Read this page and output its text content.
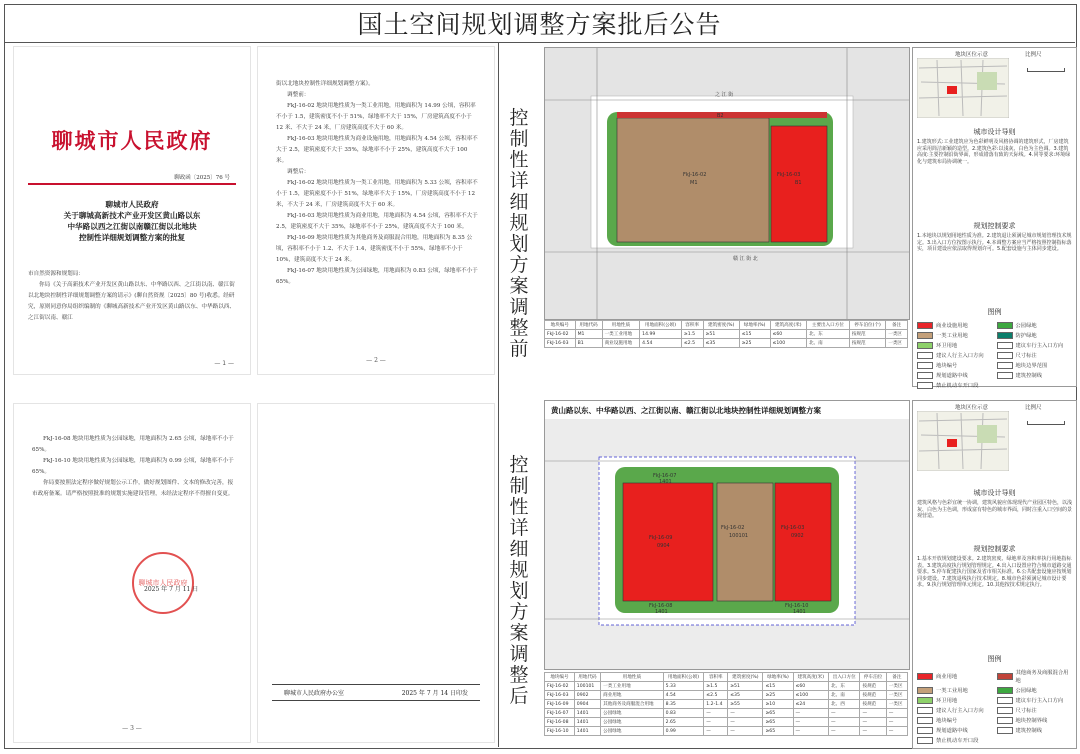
国土空间规划调整方案批后公告
聊城市人民政府
聊政函〔2025〕76 号
聊城市人民政府
关于聊城高新技术产业开发区黄山路以东
中华路以西之江街以南赣江街以北地块
控制性详细规划调整方案的批复
市自然资源和规划局：

你局《关于高新技术产业开发区黄山路以东、中华路以西、之江街以南、赣江街以北地块控制性详细规划调整方案的请示》(聊自然资规〔2025〕80 号)收悉。经研究，原则同意你局组织编制的《聊城高新技术产业开发区黄山路以东、中华路以西、之江街以南、赣江

— 1 —
街以北地块控制性详细规划调整方案》。

调整前：

FkJ-16-02 地块用地性质为一类工业用地，用地面积为 14.99 公顷，容积率不小于 1.5，建筑密度不小于 51%，绿地率不大于 15%，厂房建筑高度不小于 12 米、不大于 24 米，厂房建筑高度不大于 60 米。

FkJ-16-03 地块用地性质为商业设施用地，用地面积为 4.54 公顷，容积率不大于 2.5，建筑密度不大于 35%，绿地率不小于 25%，建筑高度不大于 100 米。

调整后：

FkJ-16-02 地块用地性质为一类工业用地，用地面积为 5.33 公顷，容积率不小于 1.5，建筑密度不小于 51%，绿地率不大于 15%，厂房建筑高度不小于 12 米，不大于 24 米，厂房建筑高度不大于 60 米。

FkJ-16-03 地块用地性质为商业用地，用地面积为 4.54 公顷，容积率不大于 2.5，建筑密度不大于 35%，绿地率不小于 25%，建筑高度不大于 100 米。

FkJ-16-09 地块用地性质为其他商务及商服混合用地，用地面积为 8.35 公顷，容积率不小于 1.2、不大于 1.4，建筑密度不小于 55%，绿地率不小于 10%，建筑高度不大于 24 米。

FkJ-16-07 地块用地性质为公园绿地，用地面积为 0.83 公顷，绿地率不小于 65%。

— 2 —

FkJ-16-08 地块用地性质为公园绿地，用地面积为 2.65 公顷，绿地率不小于 65%。

FkJ-16-10 地块用地性质为公园绿地，用地面积为 0.99 公顷，绿地率不小于 65%。

你局要按照法定程序做好规划公示工作，做好规划图件、文本的修改完善，报市政府备案。请严格按照批准的规划实施建设管理，未经法定程序不得擅自变更。

聊城市人民政府
2025 年 7 月 11 日
— 3 —
聊城市人民政府办公室	2025 年 7 月 14 日印发
控制性详细规划方案调整前
之 江 街
赣 江 街 北
FkJ-16-02
M1
FkJ-16-03
B1
B2
地块区位示意	比例尺
城市设计导则

1.建筑形式:工业建筑应为色彩鲜明及风格协调的建筑形式，厂房建筑应采用简洁新颖的造型。2.建筑色彩:以浅灰、白色为主色调。3.建筑高度:主要控制沿街界面，形成错落有致的天际线。4.同等要求:环境绿化与建筑布局协调统一。

规划控制要求

1.本地块以规划用地性质为准。2.建筑退让须满足城市规划管理技术规定。3.出入口方位按图示执行。4.本调整方案应当严格按照控制指标落实，项目建设应依法取得规划许可。5.配套设施与主体同步建设。

图例
商业设施用地	公园绿地
一类工业用地	防护绿地
环卫用地	建议车行主入口方向
建议人行主入口方向	尺寸标注
地块编号	地块边界范围
规划道路中线	建筑控制线
禁止机动车开口段
地块编号	用地代码	用地性质	用地面积(公顷)	容积率	建筑密度(%)	绿地率(%)	建筑高度(米)	主要出入口方位	停车泊位(个)	备注
FkJ-16-02	M1	一类工业用地	14.99	≥1.5	≥51	≤15	≤60	北、东	按规范	一类区
FkJ-16-03	B1	商业设施用地	4.54	≤2.5	≤35	≥25	≤100	北、南	按规范	一类区
控制性详细规划方案调整后
黄山路以东、中华路以西、之江街以南、赣江街以北地块控制性详细规划调整方案
FkJ-16-07
1401
FkJ-16-09
0904
FkJ-16-02
100101
FkJ-16-03
0902
FkJ-16-08
1401
FkJ-16-10
1401
地块区位示意	比例尺
城市设计导则

建筑风格与色彩宜统一协调，建筑风貌应体现现代产业园区特色，以浅灰、白色为主色调，形成富有特色的城市界面，同时注重入口空间的景观营造。

规划控制要求

1.基本开放规划建设要求。2.建筑密度、绿地率及容积率执行用地指标表。3.建筑高度执行规划管理规定。4.出入口设置应符合城市道路交通要求。5.停车配建执行国家及省市相关标准。6.公共配套设施应按规划同步建设。7.建筑退线执行技术规定。8.城市色彩须满足城市设计要求。9.执行规划管理单元规定。10.其他按技术规定执行。

图例
商业用地
其他商务及商服混合用地
一类工业用地	公园绿地
环卫用地	建议车行主入口方向
建议人行主入口方向	尺寸标注
地块编号	地块控制界线
规划道路中线	建筑控制线
禁止机动车开口段
地块编号	用地代码	用地性质	用地面积(公顷)	容积率	建筑密度(%)	绿地率(%)	建筑高度(米)	出入口方位	停车泊位	备注
FkJ-16-02	100101	一类工业用地	5.33	≥1.5	≥51	≤15	≤60	北、东	按规范	一类区
FkJ-16-03	0902	商业用地	4.54	≤2.5	≤35	≥25	≤100	北、南	按规范	一类区
FkJ-16-09	0904	其他商务及商服混合用地	8.35	1.2-1.4	≥55	≥10	≤24	北、西	按规范	一类区
FkJ-16-07	1401	公园绿地	0.83	—	—	≥65	—	—	—	—
FkJ-16-08	1401	公园绿地	2.65	—	—	≥65	—	—	—	—
FkJ-16-10	1401	公园绿地	0.99	—	—	≥65	—	—	—	—
